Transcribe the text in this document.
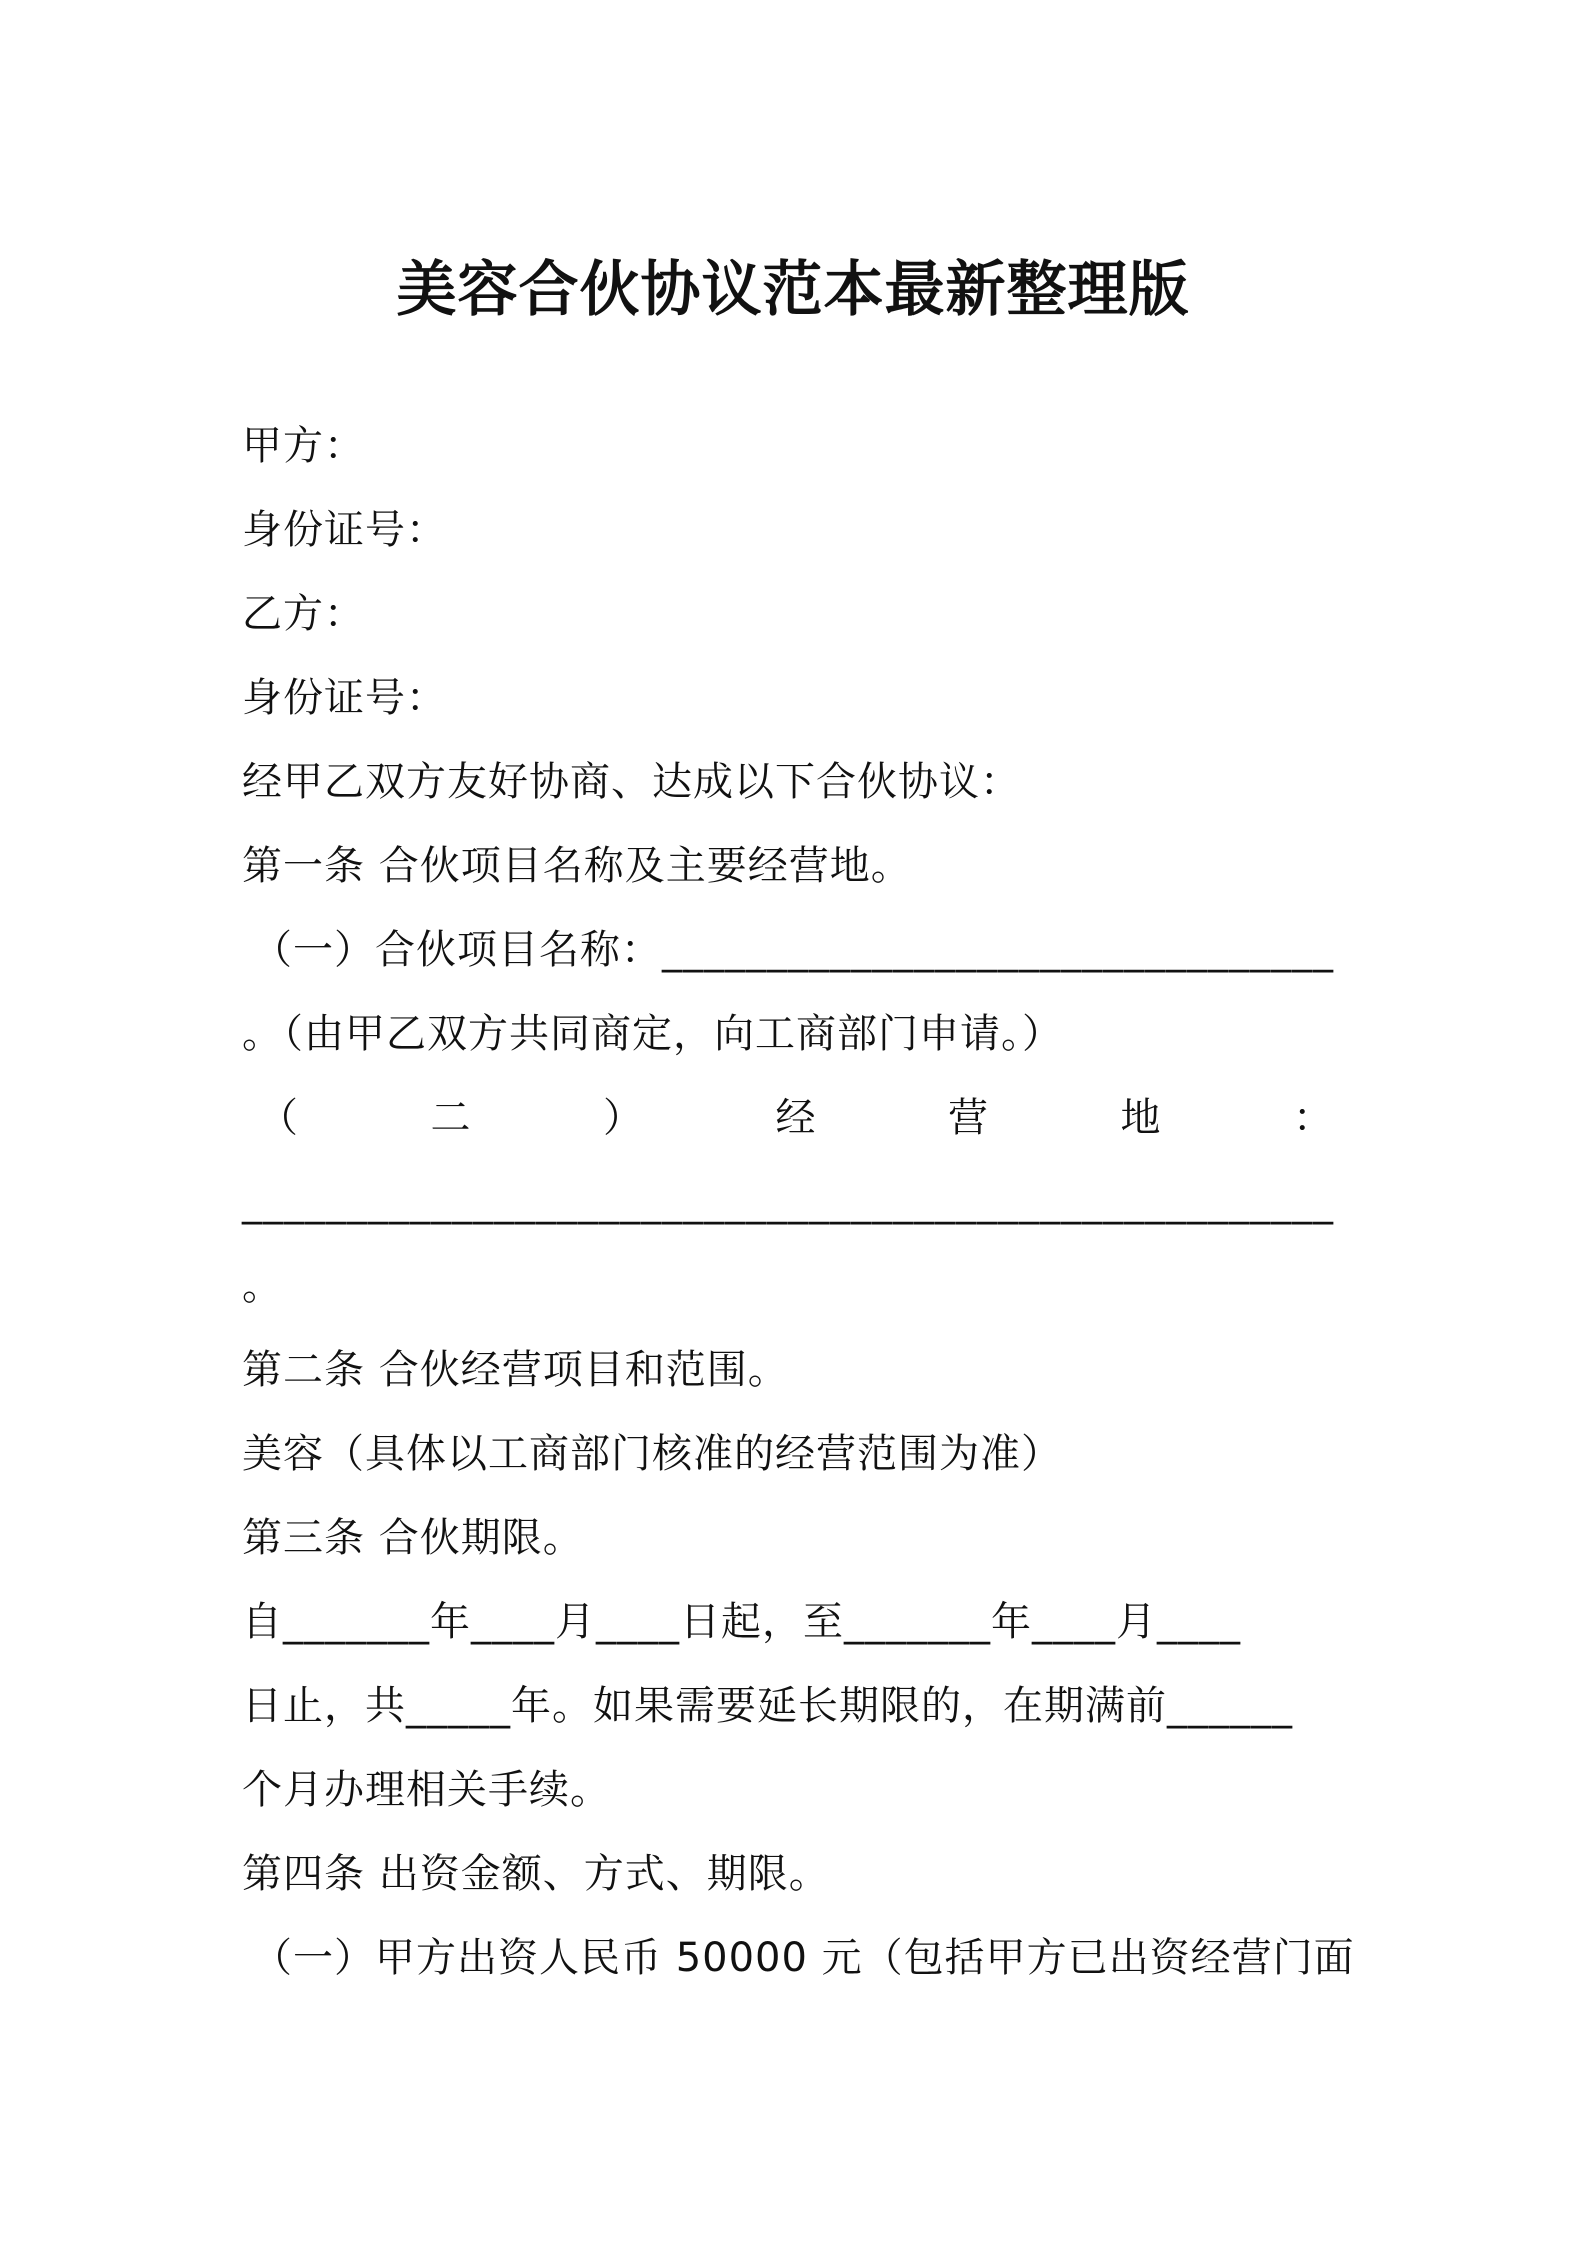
美容合伙协议范本最新整理版
甲方：
身份证号：
乙方：
身份证号：
经甲乙双方友好协商、达成以下合伙协议：
第一条 合伙项目名称及主要经营地。
（一）合伙项目名称：________________________________
。（由甲乙双方共同商定，向工商部门申请。）
（	二	）	经	营	地	：
____________________________________________________
。
第二条 合伙经营项目和范围。
美容（具体以工商部门核准的经营范围为准）
第三条 合伙期限。
自_______年____月____日起，至_______年____月____
日止，共_____年。如果需要延长期限的，在期满前______
个月办理相关手续。
第四条 出资金额、方式、期限。
（一）甲方出资人民币 50000 元（包括甲方已出资经营门面
